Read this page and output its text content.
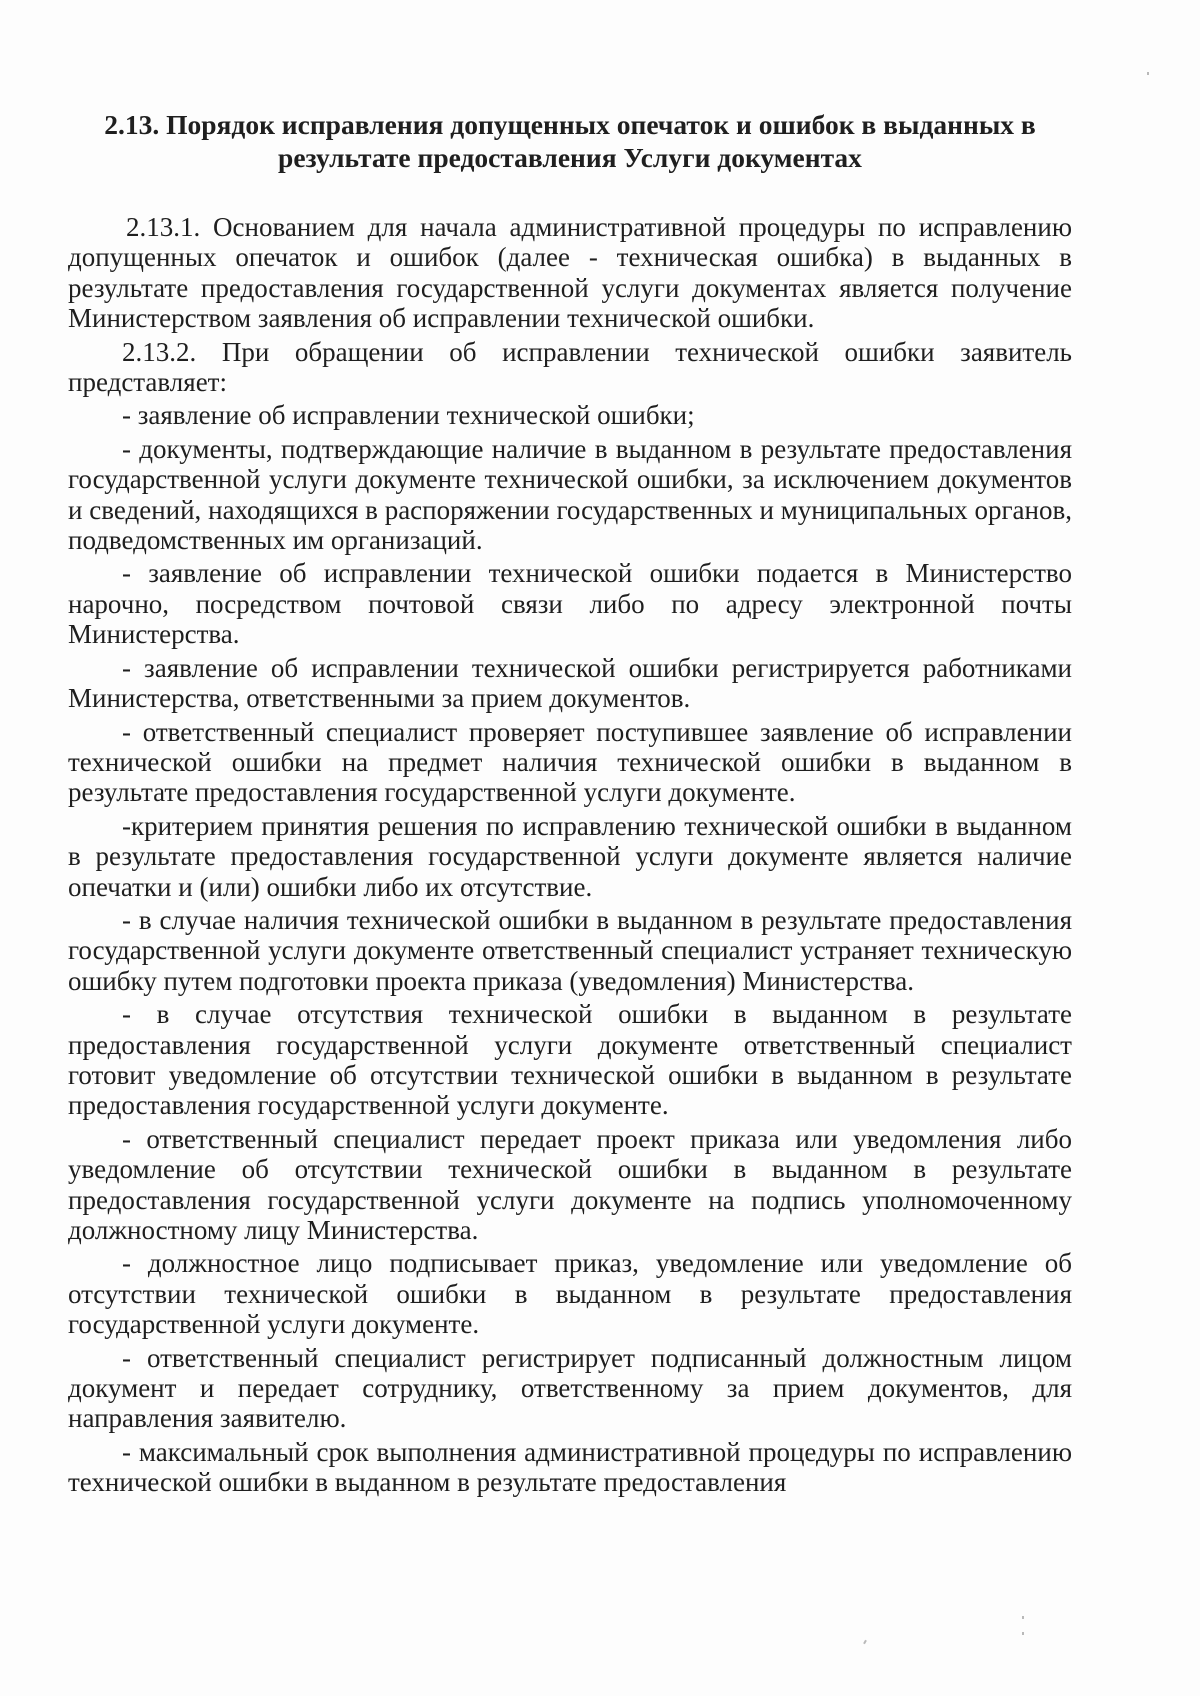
2.13. Порядок исправления допущенных опечаток и ошибок в выданных в результате предоставления Услуги документах

2.13.1. Основанием для начала административной процедуры по исправлению допущенных опечаток и ошибок (далее - техническая ошибка) в выданных в результате предоставления государственной услуги документах является получение Министерством заявления об исправлении технической ошибки.

2.13.2. При обращении об исправлении технической ошибки заявитель представляет:

- заявление об исправлении технической ошибки;

- документы, подтверждающие наличие в выданном в результате предоставления государственной услуги документе технической ошибки, за исключением документов и сведений, находящихся в распоряжении государственных и муниципальных органов, подведомственных им организаций.

- заявление об исправлении технической ошибки подается в Министерство нарочно, посредством почтовой связи либо по адресу электронной почты Министерства.

- заявление об исправлении технической ошибки регистрируется работниками Министерства, ответственными за прием документов.

- ответственный специалист проверяет поступившее заявление об исправлении технической ошибки на предмет наличия технической ошибки в выданном в результате предоставления государственной услуги документе.

-критерием принятия решения по исправлению технической ошибки в выданном в результате предоставления государственной услуги документе является наличие опечатки и (или) ошибки либо их отсутствие.

- в случае наличия технической ошибки в выданном в результате предоставления государственной услуги документе ответственный специалист устраняет техническую ошибку путем подготовки проекта приказа (уведомления) Министерства.

- в случае отсутствия технической ошибки в выданном в результате предоставления государственной услуги документе ответственный специалист готовит уведомление об отсутствии технической ошибки в выданном в результате предоставления государственной услуги документе.

- ответственный специалист передает проект приказа или уведомления либо уведомление об отсутствии технической ошибки в выданном в результате предоставления государственной услуги документе на подпись уполномоченному должностному лицу Министерства.

- должностное лицо подписывает приказ, уведомление или уведомление об отсутствии технической ошибки в выданном в результате предоставления государственной услуги документе.

- ответственный специалист регистрирует подписанный должностным лицом документ и передает сотруднику, ответственному за прием документов, для направления заявителю.

- максимальный срок выполнения административной процедуры по исправлению технической ошибки в выданном в результате предоставления
